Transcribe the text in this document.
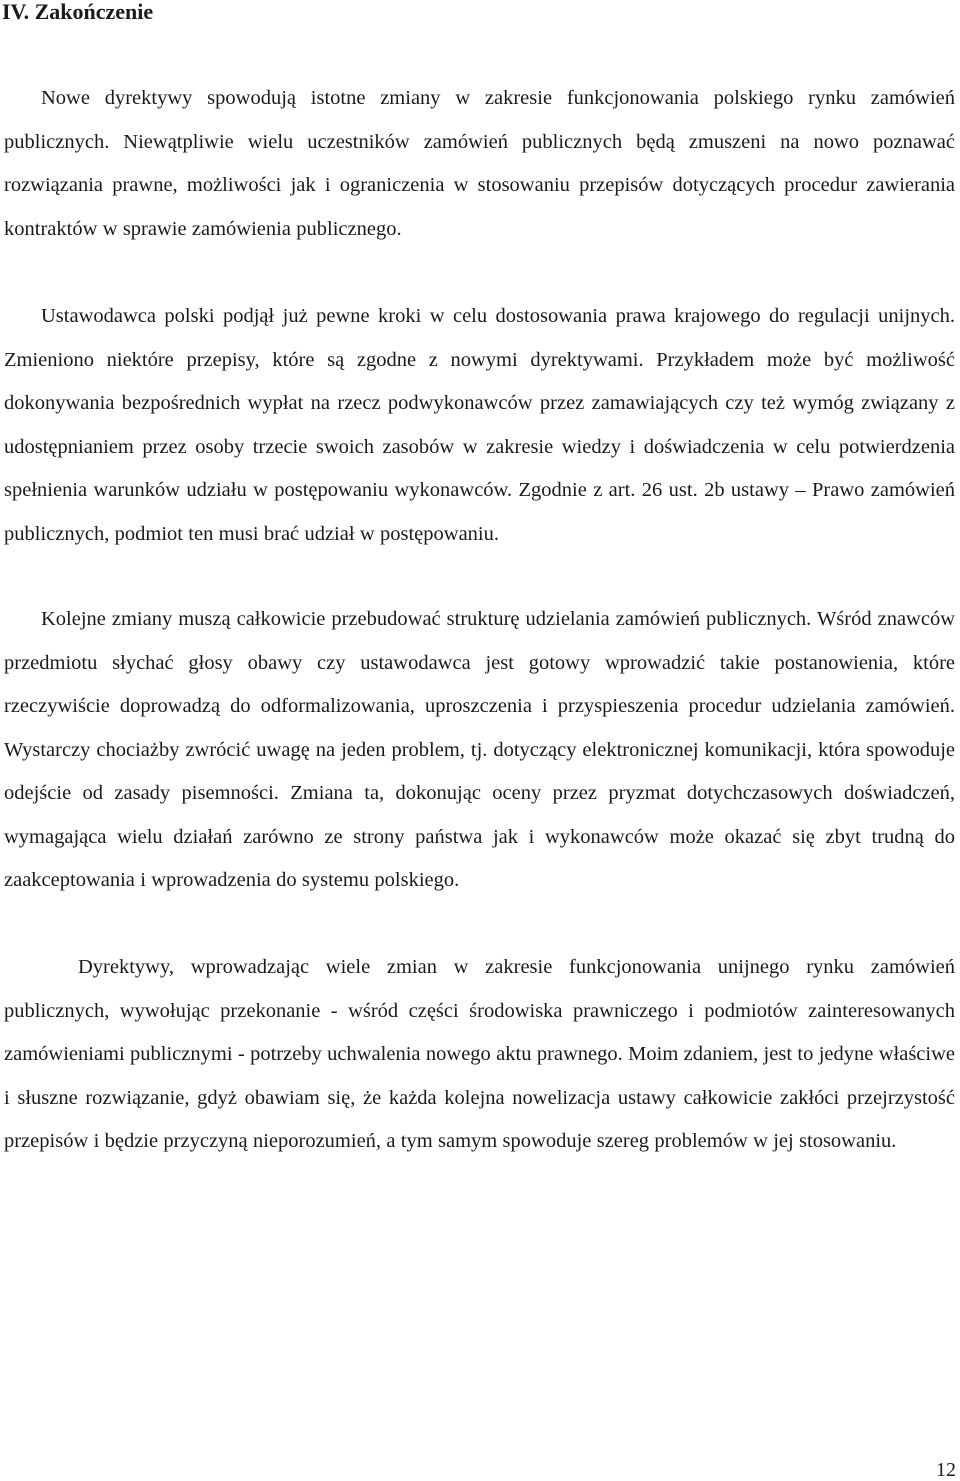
IV. Zakończenie

Nowe dyrektywy spowodują istotne zmiany w zakresie funkcjonowania polskiego rynku zamówień publicznych. Niewątpliwie wielu uczestników zamówień publicznych będą zmuszeni na nowo poznawać rozwiązania prawne, możliwości jak i ograniczenia w stosowaniu przepisów dotyczących procedur zawierania kontraktów w sprawie zamówienia publicznego.

Ustawodawca polski podjął już pewne kroki w celu dostosowania prawa krajowego do regulacji unijnych. Zmieniono niektóre przepisy, które są zgodne z nowymi dyrektywami. Przykładem może być możliwość dokonywania bezpośrednich wypłat na rzecz podwykonawców przez zamawiających czy też wymóg związany z udostępnianiem przez osoby trzecie swoich zasobów w zakresie wiedzy i doświadczenia w celu potwierdzenia spełnienia warunków udziału w postępowaniu wykonawców. Zgodnie z art. 26 ust. 2b ustawy – Prawo zamówień publicznych, podmiot ten musi brać udział w postępowaniu.

Kolejne zmiany muszą całkowicie przebudować strukturę udzielania zamówień publicznych. Wśród znawców przedmiotu słychać głosy obawy czy ustawodawca jest gotowy wprowadzić takie postanowienia, które rzeczywiście doprowadzą do odformalizowania, uproszczenia i przyspieszenia procedur udzielania zamówień. Wystarczy chociażby zwrócić uwagę na jeden problem, tj. dotyczący elektronicznej komunikacji, która spowoduje odejście od zasady pisemności. Zmiana ta, dokonując oceny przez pryzmat dotychczasowych doświadczeń, wymagająca wielu działań zarówno ze strony państwa jak i wykonawców może okazać się zbyt trudną do zaakceptowania i wprowadzenia do systemu polskiego.

Dyrektywy, wprowadzając wiele zmian w zakresie funkcjonowania unijnego rynku zamówień publicznych, wywołując przekonanie - wśród części środowiska prawniczego i podmiotów zainteresowanych zamówieniami publicznymi - potrzeby uchwalenia nowego aktu prawnego. Moim zdaniem, jest to jedyne właściwe i słuszne rozwiązanie, gdyż obawiam się, że każda kolejna nowelizacja ustawy całkowicie zakłóci przejrzystość przepisów i będzie przyczyną nieporozumień, a tym samym spowoduje szereg problemów w jej stosowaniu.

12
